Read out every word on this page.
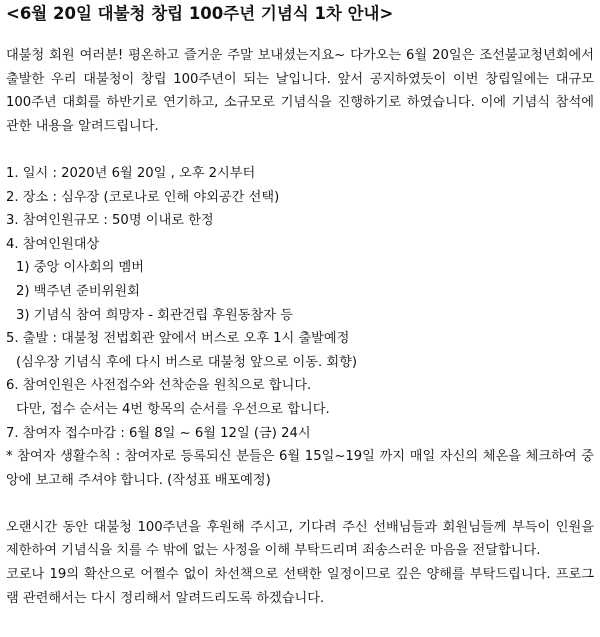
<6월 20일 대불청 창립 100주년 기념식 1차 안내>

대불청 회원 여러분! 평온하고 즐거운 주말 보내셨는지요~ 다가오는 6월 20일은 조선불교청년회에서 출발한 우리 대불청이 창립 100주년이 되는 날입니다. 앞서 공지하였듯이 이번 창립일에는 대규모 100주년 대회를 하반기로 연기하고, 소규모로 기념식을 진행하기로 하였습니다. 이에 기념식 참석에 관한 내용을 알려드립니다.

1. 일시 : 2020년 6월 20일 , 오후 2시부터

2. 장소 : 심우장 (코로나로 인해 야외공간 선택)

3. 참여인원규모 : 50명 이내로 한정

4. 참여인원대상

1) 중앙 이사회의 멤버

2) 백주년 준비위원회

3) 기념식 참여 희망자 - 회관건립 후원동참자 등

5. 출발 : 대불청 전법회관 앞에서 버스로 오후 1시 출발예정

(심우장 기념식 후에 다시 버스로 대불청 앞으로 이동. 회향)

6. 참여인원은 사전접수와 선착순을 원칙으로 합니다.

다만, 접수 순서는 4번 항목의 순서를 우선으로 합니다.

7. 참여자 접수마감 : 6월 8일 ~ 6월 12일 (금) 24시

* 참여자 생활수칙 : 참여자로 등록되신 분들은 6월 15일~19일 까지 매일 자신의 체온을 체크하여 중앙에 보고해 주셔야 합니다. (작성표 배포예정)

오랜시간 동안 대불청 100주년을 후원해 주시고, 기다려 주신 선배님들과 회원님들께 부득이 인원을 제한하여 기념식을 치를 수 밖에 없는 사정을 이해 부탁드리며 죄송스러운 마음을 전달합니다.

코로나 19의 확산으로 어쩔수 없이 차선책으로 선택한 일정이므로 깊은 양해를 부탁드립니다. 프로그램 관련해서는 다시 정리해서 알려드리도록 하겠습니다.
